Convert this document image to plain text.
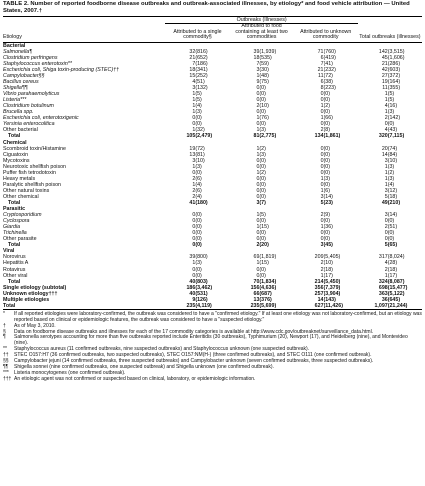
TABLE 2. Number of reported foodborne disease outbreaks and outbreak-associated illnesses, by etiology* and food vehicle attribution — United States, 2007.†
	Outbreaks (Illnesses)							
Etiology	Attributed to a single commodity§		Attributed to food containing at least two commodities		Attributed to unknown commodity		Total outbreaks (illnesses)	
Bacterial								
Salmonella¶	32	(816)	39	(1,939)	71	(760)	142	(3,515)
Clostridium perfringens	21	(652)	18	(535)	6	(419)	45	(1,606)
Staphylococcus enterotoxin**	7	(186)	7	(59)	7	(41)	21	(286)
Escherichia coli, Shiga toxin-producing (STEC)††	18	(341)	3	(30)	21	(232)	42	(603)
Campylobacter§§	15	(252)	1	(48)	11	(72)	27	(372)
Bacillus cereus	4	(51)	9	(75)	6	(38)	19	(164)
Shigella¶¶	3	(132)	0	(0)	8	(223)	11	(355)
Vibrio parahaemolyticus	1	(5)	0	(0)	0	(0)	1	(5)
Listeria***	1	(5)	0	(0)	0	(0)	1	(5)
Clostridium botulinum	1	(4)	2	(10)	1	(2)	4	(16)
Brucella spp.	1	(3)	0	(0)	0	(0)	1	(3)
Escherichia coli, enterotoxigenic	0	(0)	1	(76)	1	(66)	2	(142)
Yersinia enterocolitica	0	(0)	0	(0)	0	(0)	0	(0)
Other bacterial	1	(32)	1	(3)	2	(8)	4	(43)
Total	105	(2,479)	81	(2,775)	134	(1,861)	320	(7,115)
Chemical								
Scombroid toxin/Histamine	19	(72)	1	(2)	0	(0)	20	(74)
Ciguatoxin	13	(81)	1	(3)	0	(0)	14	(84)
Mycotoxins	3	(10)	0	(0)	0	(0)	3	(10)
Neurotoxic shellfish poison	1	(3)	0	(0)	0	(0)	1	(3)
Puffer fish tetrodotoxin	0	(0)	1	(2)	0	(0)	1	(2)
Heavy metals	2	(6)	0	(0)	1	(3)	1	(3)
Paralytic shellfish poison	1	(4)	0	(0)	0	(0)	1	(4)
Other natural toxins	2	(6)	0	(0)	1	(6)	3	(12)
Other chemical	2	(4)	0	(0)	3	(14)	5	(18)
Total	41	(180)	3	(7)	5	(23)	49	(210)
Parasitic								
Cryptosporidium	0	(0)	1	(5)	2	(9)	3	(14)
Cyclospora	0	(0)	0	(0)	0	(0)	0	(0)
Giardia	0	(0)	1	(15)	1	(36)	2	(51)
Trichinella	0	(0)	0	(0)	0	(0)	0	(0)
Other parasite	0	(0)	0	(0)	0	(0)	0	(0)
Total	0	(0)	2	(20)	3	(45)	5	(65)
Viral								
Norovirus	39	(800)	69	(1,819)	209	(5,405)	317	(8,024)
Hepatitis A	1	(3)	1	(15)	2	(10)	4	(28)
Rotavirus	0	(0)	0	(0)	2	(18)	2	(18)
Other viral	0	(0)	0	(0)	1	(17)	1	(17)
Total	40	(803)	70	(1,834)	214	(5,450)	324	(8,087)
Single etiology (subtotal)	186	(3,462)	156	(4,636)	356	(7,379)	698	(15,477)
Unknown etiology†††	40	(531)	66	(687)	257	(3,904)	363	(5,122)
Multiple etiologies	9	(126)	13	(376)	14	(143)	36	(645)
Total	235	(4,119)	235	(5,699)	627	(11,426)	1,097	(21,244)
*	If all reported etiologies were laboratory-confirmed, the outbreak was considered to have a "confirmed etiology." If at least one etiology was not laboratory-confirmed, but an etiology was reported based on clinical or epidemiologic features, the outbreak was considered to have a "suspected etiology."
†	As of May 3, 2010.
§	Data on foodborne disease outbreaks and illnesses for each of the 17 commodity categories is available at http://www.cdc.gov/outbreaknet/surveillance_data.html.
¶	Salmonella serotypes accounting for more than five outbreaks reported include Enteritidis (30 outbreaks), Typhimurium (20), Newport (17), and Heidelberg (nine), and Montevideo (nine).
**	Staphylococcus aureus (11 confirmed outbreaks, nine suspected outbreaks) and Staphylococcus unknown (one suspected outbreak).
††	STEC O157:H7 (36 confirmed outbreaks, two suspected outbreaks), STEC O157:NM(H-) (three confirmed outbreaks), and STEC O111 (one confirmed outbreak).
§§	Campylobacter jejuni (14 confirmed outbreaks, three suspected outbreaks) and Campylobacter unknown (seven confirmed outbreaks, three suspected outbreaks).
¶¶	Shigella sonnei (nine confirmed outbreaks, one suspected outbreak) and Shigella unknown (one confirmed outbreak).
***	Listeria monocytogenes (one confirmed outbreak).
††† An etiologic agent was not confirmed or suspected based on clinical, laboratory, or epidemiologic information.
